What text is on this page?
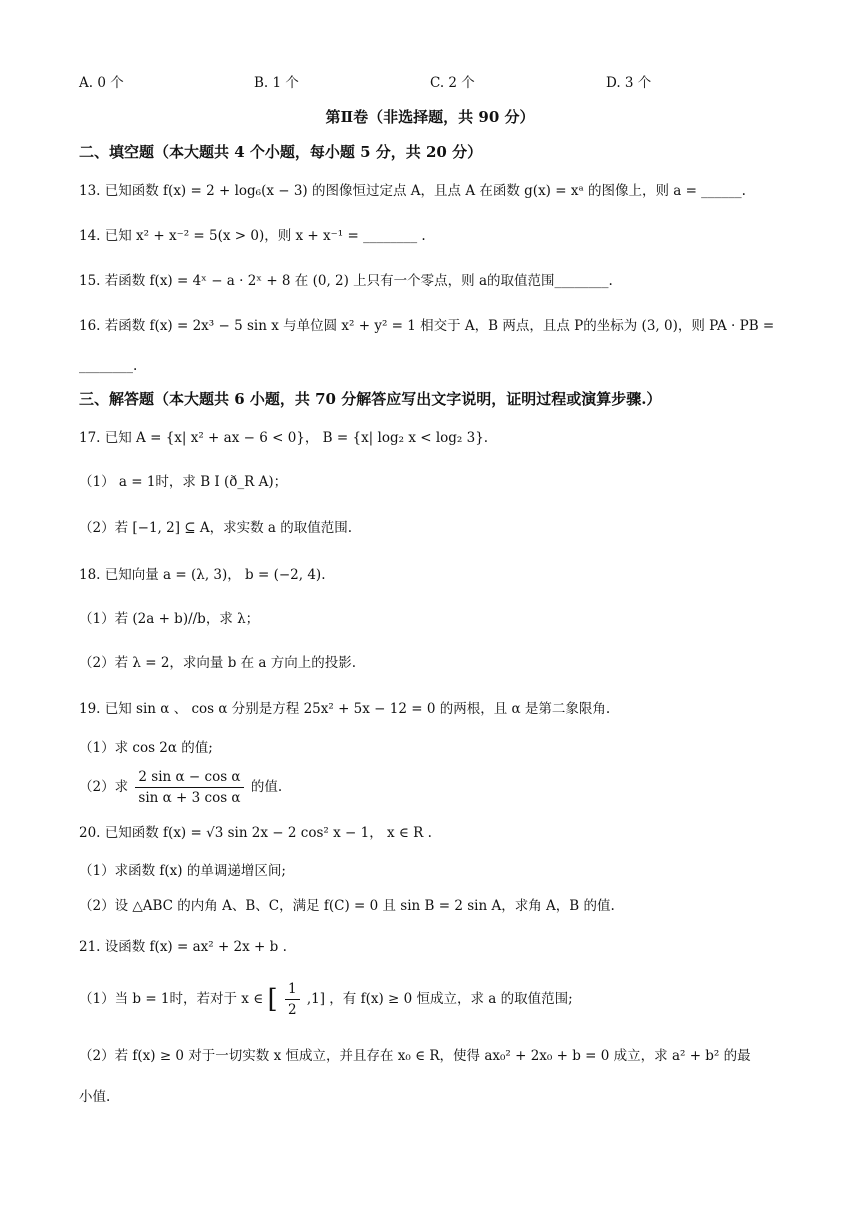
A. 0 个	B. 1 个	C. 2 个	D. 3 个
第Ⅱ卷（非选择题，共 90 分）
二、填空题（本大题共 4 个小题，每小题 5 分，共 20 分）
13. 已知函数 f(x) = 2 + log₆(x − 3) 的图像恒过定点 A，且点 A 在函数 g(x) = xᵃ 的图像上，则 a = ______.
14. 已知 x² + x⁻² = 5(x > 0)，则 x + x⁻¹ = ________ .
15. 若函数 f(x) = 4ˣ − a · 2ˣ + 8 在 (0, 2) 上只有一个零点，则 a的取值范围________.
16. 若函数 f(x) = 2x³ − 5 sin x 与单位圆 x² + y² = 1 相交于 A，B 两点，且点 P的坐标为 (3, 0)，则 PA · PB =
________.
三、解答题（本大题共 6 小题，共 70 分解答应写出文字说明，证明过程或演算步骤.）
17. 已知 A = {x| x² + ax − 6 < 0}， B = {x| log₂ x < log₂ 3}.
（1） a = 1时，求 B I (ð_R A)；
（2）若 [−1, 2] ⊆ A，求实数 a 的取值范围.
18. 已知向量 a = (λ, 3)， b = (−2, 4).
（1）若 (2a + b)//b，求 λ；
（2）若 λ = 2，求向量 b 在 a 方向上的投影.
19. 已知 sin α 、 cos α 分别是方程 25x² + 5x − 12 = 0 的两根，且 α 是第二象限角.
（1）求 cos 2α 的值;
（2）求 $\frac{\text{2 sin α − cos α}}{\text{sin α + 3 cos α}}$ 的值.
20. 已知函数 f(x) = √3 sin 2x − 2 cos² x − 1， x ∈ R .
（1）求函数 f(x) 的单调递增区间;
（2）设 △ABC 的内角 A、B、C，满足 f(C) = 0 且 sin B = 2 sin A，求角 A，B 的值.
21. 设函数 f(x) = ax² + 2x + b .
（1）当 b = 1时，若对于 x ∈ [ $\frac{1}{2} ,1$] ，有 f(x) ≥ 0 恒成立，求 a 的取值范围;
（2）若 f(x) ≥ 0 对于一切实数 x 恒成立，并且存在 x₀ ∈ R，使得 ax₀² + 2x₀ + b = 0 成立，求 a² + b² 的最
小值.
